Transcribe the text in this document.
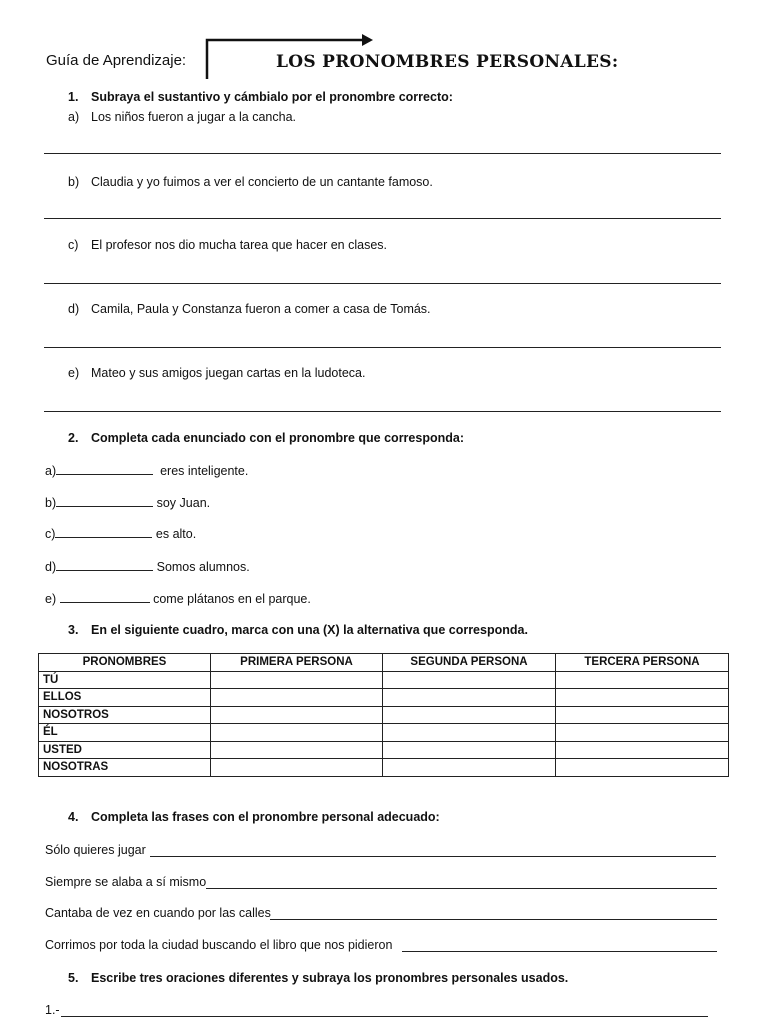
Guía de Aprendizaje:	LOS PRONOMBRES PERSONALES:
1. Subraya el sustantivo y cámbialo por el pronombre correcto:
a) Los niños fueron a jugar a la cancha.
b) Claudia y yo fuimos a ver el concierto de un cantante famoso.
c) El profesor nos dio mucha tarea que hacer en clases.
d) Camila, Paula y Constanza fueron a comer a casa de Tomás.
e) Mateo y sus amigos juegan cartas en la ludoteca.
2. Completa cada enunciado con el pronombre que corresponda:
a)	eres inteligente.
b)	soy Juan.
c)	es alto.
d)	Somos alumnos.
e)	come plátanos en el parque.
3. En el siguiente cuadro, marca con una (X) la alternativa que corresponda.
PRONOMBRES	PRIMERA PERSONA	SEGUNDA PERSONA	TERCERA PERSONA
TÚ			
ELLOS			
NOSOTROS			
ÉL			
USTED			
NOSOTRAS			
4. Completa las frases con el pronombre personal adecuado:
Sólo quieres jugar
Siempre se alaba a sí mismo
Cantaba de vez en cuando por las calles
Corrimos por toda la ciudad buscando el libro que nos pidieron
5. Escribe tres oraciones diferentes y subraya los pronombres personales usados.
1.-
